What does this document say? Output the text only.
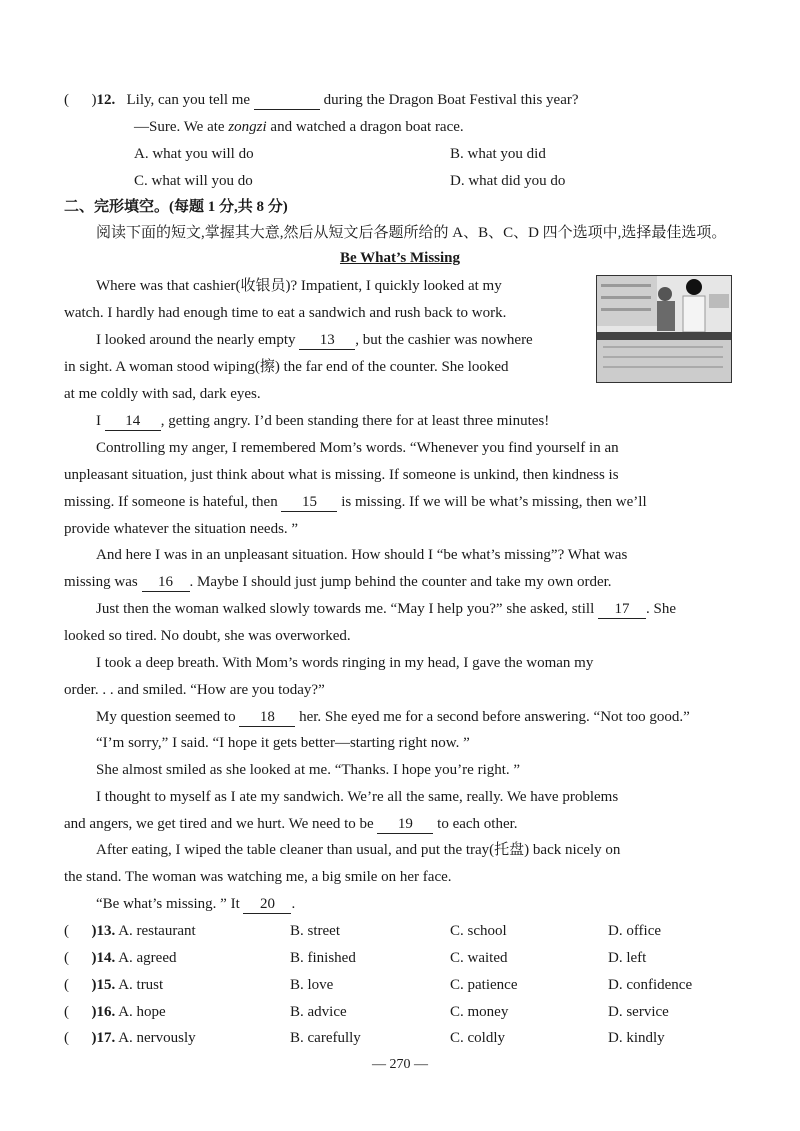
( )12. Lily, can you tell me	during the Dragon Boat Festival this year?
—Sure. We ate zongzi and watched a dragon boat race.
A. what you will do	B. what you did
C. what will you do	D. what did you do
二、完形填空。(每题 1 分,共 8 分)
阅读下面的短文,掌握其大意,然后从短文后各题所给的 A、B、C、D 四个选项中,选择最佳选项。
Be What’s Missing
Where was that cashier(收银员)? Impatient, I quickly looked at my
watch. I hardly had enough time to eat a sandwich and rush back to work.
I looked around the nearly empty 13 , but the cashier was nowhere
in sight. A woman stood wiping(擦) the far end of the counter. She looked
at me coldly with sad, dark eyes.
I 14 , getting angry. I’d been standing there for at least three minutes!
Controlling my anger, I remembered Mom’s words. “Whenever you find yourself in an
unpleasant situation, just think about what is missing. If someone is unkind, then kindness is
missing. If someone is hateful, then 15 is missing. If we will be what’s missing, then we’ll
provide whatever the situation needs. ”
And here I was in an unpleasant situation. How should I “be what’s missing”? What was
missing was 16 . Maybe I should just jump behind the counter and take my own order.
Just then the woman walked slowly towards me. “May I help you?” she asked, still 17 . She
looked so tired. No doubt, she was overworked.
I took a deep breath. With Mom’s words ringing in my head, I gave the woman my
order. . . and smiled. “How are you today?”
My question seemed to 18 her. She eyed me for a second before answering. “Not too good.”
“I’m sorry,” I said. “I hope it gets better—starting right now. ”
She almost smiled as she looked at me. “Thanks. I hope you’re right. ”
I thought to myself as I ate my sandwich. We’re all the same, really. We have problems
and angers, we get tired and we hurt. We need to be 19 to each other.
After eating, I wiped the table cleaner than usual, and put the tray(托盘) back nicely on
the stand. The woman was watching me, a big smile on her face.
“Be what’s missing. ” It 20 .
( )13. A. restaurant	B. street	C. school	D. office
( )14. A. agreed	B. finished	C. waited	D. left
( )15. A. trust	B. love	C. patience	D. confidence
( )16. A. hope	B. advice	C. money	D. service
( )17. A. nervously	B. carefully	C. coldly	D. kindly
— 270 —
